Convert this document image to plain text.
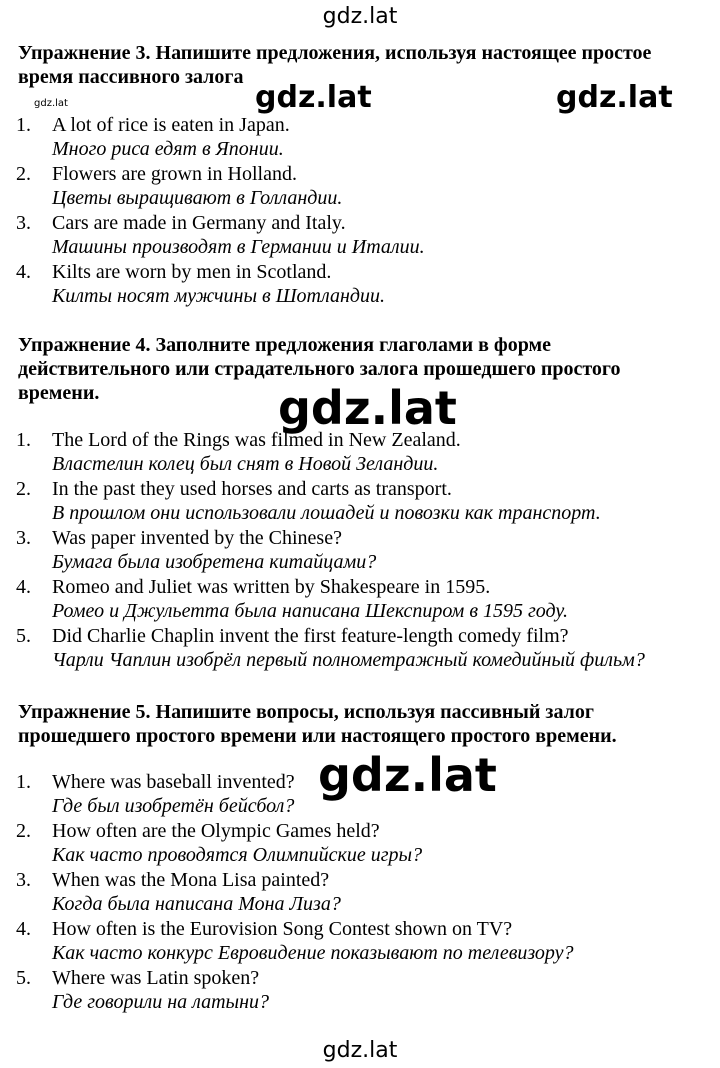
gdz.lat
gdz.lat	gdz.lat	gdz.lat
gdz.lat
gdz.lat
gdz.lat
Упражнение 3. Напишите предложения, используя настоящее простое
время пассивного залога
1. A lot of rice is eaten in Japan.
Много риса едят в Японии.
2. Flowers are grown in Holland.
Цветы выращивают в Голландии.
3. Cars are made in Germany and Italy.
Машины производят в Германии и Италии.
4. Kilts are worn by men in Scotland.
Килты носят мужчины в Шотландии.
Упражнение 4. Заполните предложения глаголами в форме
действительного или страдательного залога прошедшего простого
времени.
1. The Lord of the Rings was filmed in New Zealand.
Властелин колец был снят в Новой Зеландии.
2. In the past they used horses and carts as transport.
В прошлом они использовали лошадей и повозки как транспорт.
3. Was paper invented by the Chinese?
Бумага была изобретена китайцами?
4. Romeo and Juliet was written by Shakespeare in 1595.
Ромео и Джульетта была написана Шекспиром в 1595 году.
5. Did Charlie Chaplin invent the first feature-length comedy film?
Чарли Чаплин изобрёл первый полнометражный комедийный фильм?
Упражнение 5. Напишите вопросы, используя пассивный залог
прошедшего простого времени или настоящего простого времени.
1. Where was baseball invented?
Где был изобретён бейсбол?
2. How often are the Olympic Games held?
Как часто проводятся Олимпийские игры?
3. When was the Mona Lisa painted?
Когда была написана Мона Лиза?
4. How often is the Eurovision Song Contest shown on TV?
Как часто конкурс Евровидение показывают по телевизору?
5. Where was Latin spoken?
Где говорили на латыни?
